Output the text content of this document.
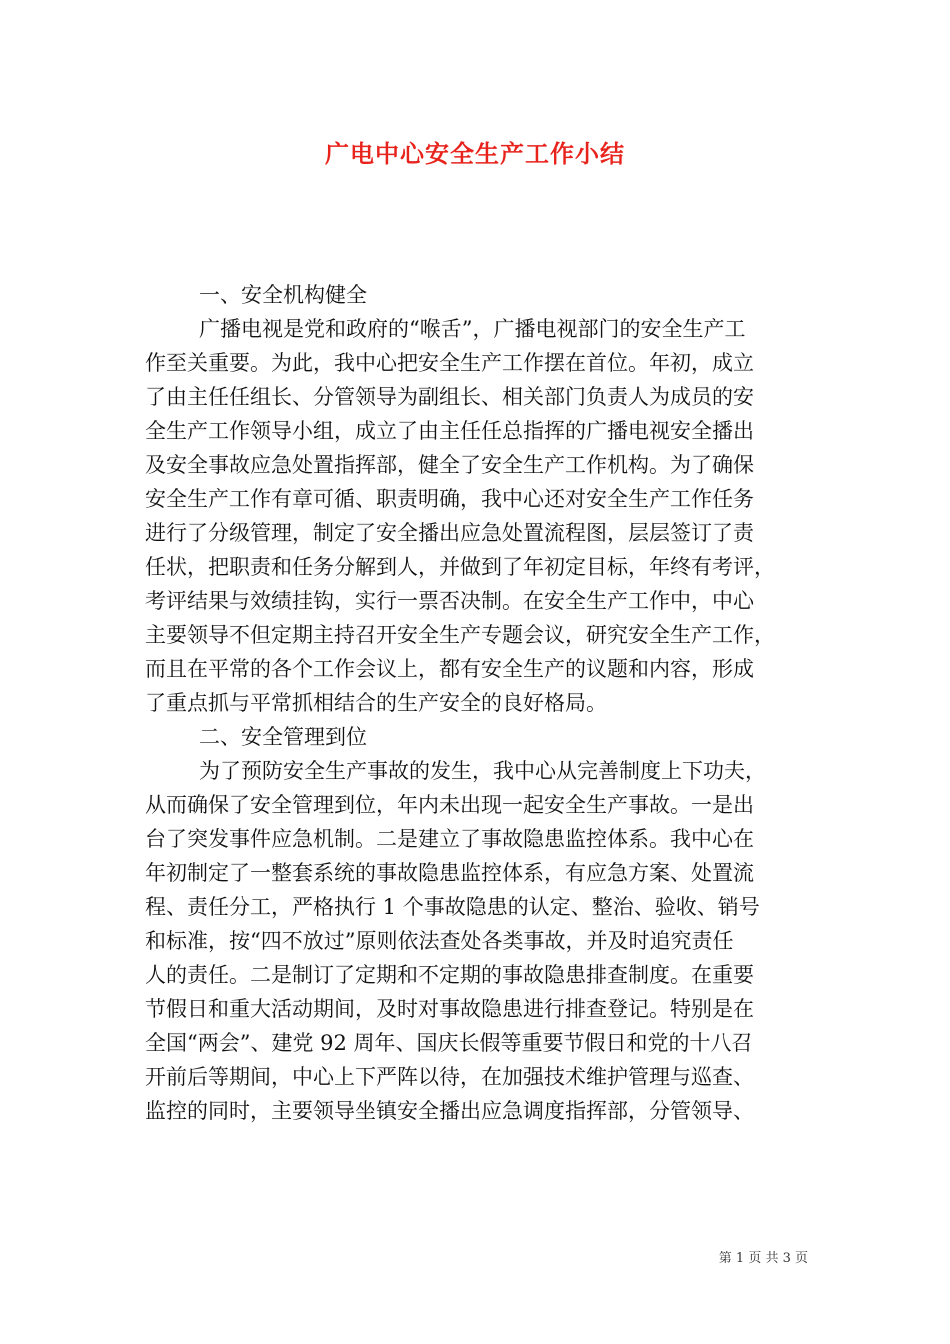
广电中心安全生产工作小结
一、安全机构健全
广播电视是党和政府的“喉舌”，广播电视部门的安全生产工
作至关重要。为此，我中心把安全生产工作摆在首位。年初，成立
了由主任任组长、分管领导为副组长、相关部门负责人为成员的安
全生产工作领导小组，成立了由主任任总指挥的广播电视安全播出
及安全事故应急处置指挥部，健全了安全生产工作机构。为了确保
安全生产工作有章可循、职责明确，我中心还对安全生产工作任务
进行了分级管理，制定了安全播出应急处置流程图，层层签订了责
任状，把职责和任务分解到人，并做到了年初定目标，年终有考评，
考评结果与效绩挂钩，实行一票否决制。在安全生产工作中，中心
主要领导不但定期主持召开安全生产专题会议，研究安全生产工作，
而且在平常的各个工作会议上，都有安全生产的议题和内容，形成
了重点抓与平常抓相结合的生产安全的良好格局。
二、安全管理到位
为了预防安全生产事故的发生，我中心从完善制度上下功夫，
从而确保了安全管理到位，年内未出现一起安全生产事故。一是出
台了突发事件应急机制。二是建立了事故隐患监控体系。我中心在
年初制定了一整套系统的事故隐患监控体系，有应急方案、处置流
程、责任分工，严格执行 1 个事故隐患的认定、整治、验收、销号
和标准，按“四不放过”原则依法查处各类事故，并及时追究责任
人的责任。二是制订了定期和不定期的事故隐患排查制度。在重要
节假日和重大活动期间，及时对事故隐患进行排查登记。特别是在
全国“两会”、建党 92 周年、国庆长假等重要节假日和党的十八召
开前后等期间，中心上下严阵以待，在加强技术维护管理与巡查、
监控的同时，主要领导坐镇安全播出应急调度指挥部，分管领导、
第 1 页 共 3 页
